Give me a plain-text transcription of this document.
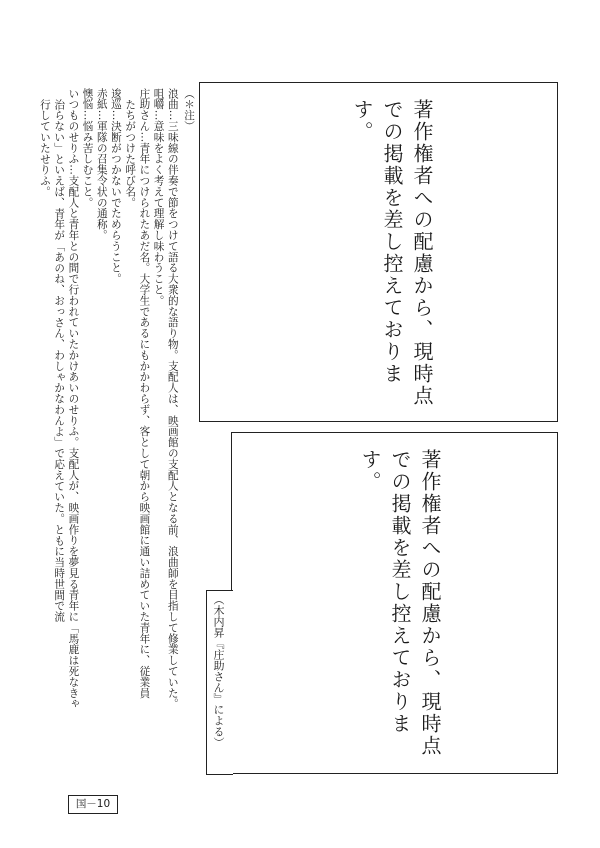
（＊注）

浪曲…三味線の伴奏で節をつけて語る大衆的な語り物。支配人は、映画館の支配人となる前、浪曲師を目指して修業していた。

咀嚼…意味をよく考えて理解し味わうこと。

庄助さん…青年につけられたあだ名。大学生であるにもかかわらず、客として朝から映画館に通い詰めていた青年に、従業員

たちがつけた呼び名。

逡巡…決断がつかないでためらうこと。

赤紙…軍隊の召集令状の通称。

懊悩…悩み苦しむこと。

いつものせりふ…支配人と青年との間で行われていたかけあいのせりふ。支配人が、映画作りを夢見る青年に「馬鹿は死なきゃ

治らない」といえば、青年が「あのね、おっさん、わしゃかなわんよ」で応えていた。ともに当時世間で流

行していたせりふ。	著作権者への配慮から、現時点での掲載を差し控えております。
著作権者への配慮から、現時点での掲載を差し控えております。
（木内昇『庄助さん』による）
国－10
